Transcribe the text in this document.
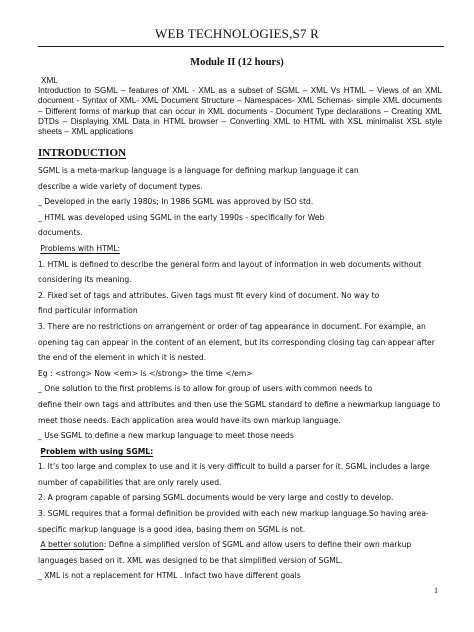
WEB TECHNOLOGIES,S7 R
Module II (12 hours)
XML
Introduction to SGML – features of XML - XML as a subset of SGML – XML Vs HTML – Views of an XML document - Syntax of XML- XML Document Structure – Namespaces- XML Schemas- simple XML documents – Different forms of markup that can occur in XML documents - Document Type declarations – Creating XML DTDs – Displaying XML Data in HTML browser – Converting XML to HTML with XSL minimalist XSL style sheets – XML applications
INTRODUCTION
SGML is a meta-markup language is a language for defining markup language it can
describe a wide variety of document types.
_ Developed in the early 1980s; In 1986 SGML was approved by ISO std.
_ HTML was developed using SGML in the early 1990s - specifically for Web
documents.
Problems with HTML:
1. HTML is defined to describe the general form and layout of information in web documents without
considering its meaning.
2. Fixed set of tags and attributes. Given tags must fit every kind of document. No way to
find particular information
3. There are no restrictions on arrangement or order of tag appearance in document. For example, an
opening tag can appear in the content of an element, but its corresponding closing tag can appear after
the end of the element in which it is nested.
Eg : <strong> Now <em> is </strong> the time </em>
_ One solution to the first problems is to allow for group of users with common needs to
define their own tags and attributes and then use the SGML standard to define a newmarkup language to
meet those needs. Each application area would have its own markup language.
_ Use SGML to define a new markup language to meet those needs
Problem with using SGML:
1. It’s too large and complex to use and it is very difficult to build a parser for it. SGML includes a large
number of capabilities that are only rarely used.
2. A program capable of parsing SGML documents would be very large and costly to develop.
3. SGML requires that a formal definition be provided with each new markup language.So having area-
specific markup language is a good idea, basing them on SGML is not.
A better solution: Define a simplified version of SGML and allow users to define their own markup
languages based on it. XML was designed to be that simplified version of SGML.
_ XML is not a replacement for HTML . Infact two have different goals
1
